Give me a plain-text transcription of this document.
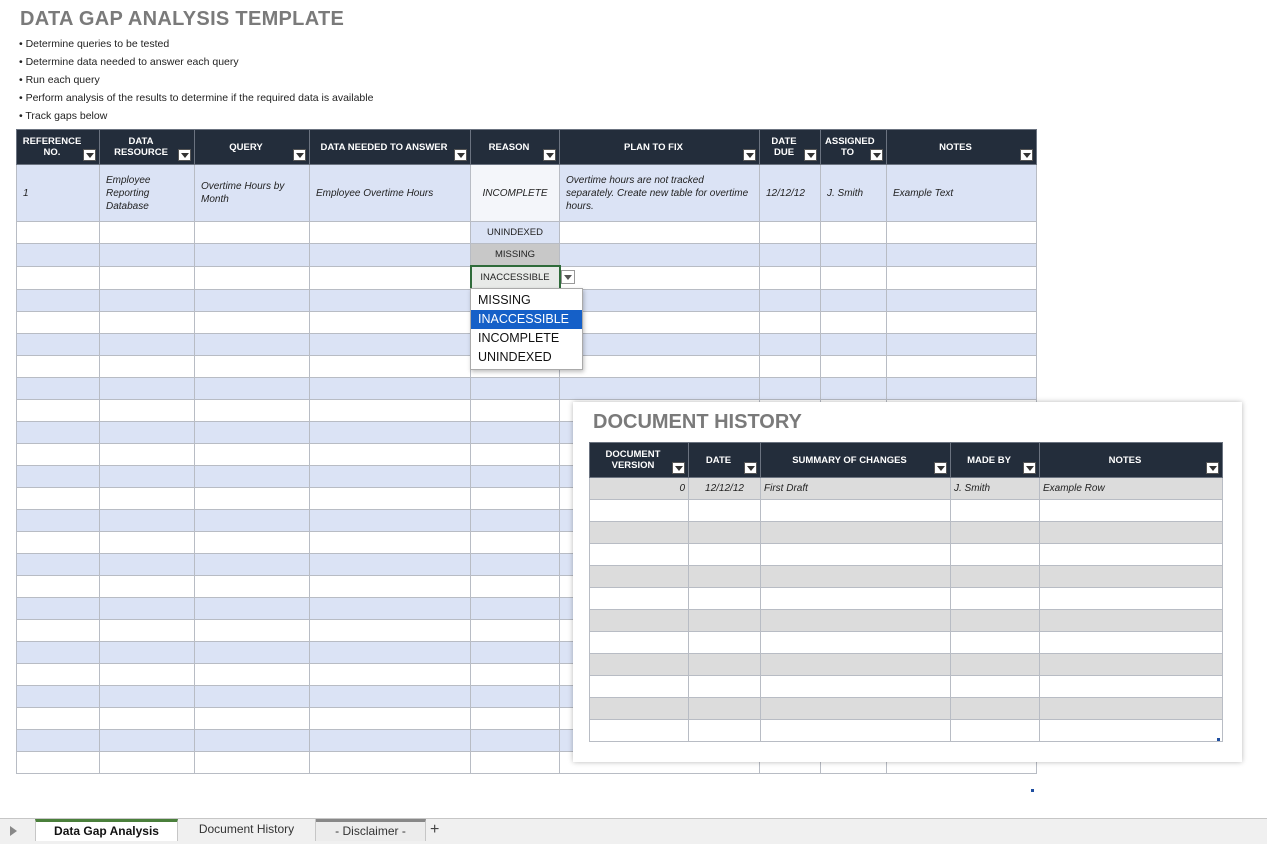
DATA GAP ANALYSIS TEMPLATE
• Determine queries to be tested
• Determine data needed to answer each query
• Run each query
• Perform analysis of the results to determine if the required data is available
• Track gaps below
REFERENCE NO.	DATA RESOURCE	QUERY	DATA NEEDED TO ANSWER	REASON	PLAN TO FIX	DATE DUE	ASSIGNED TO	NOTES

1	Employee Reporting Database	Overtime Hours by Month	Employee Overtime Hours	INCOMPLETE	Overtime hours are not tracked separately. Create new table for overtime hours.	12/12/12	J. Smith	Example Text
				UNINDEXED				
				MISSING				
				INACCESSIBLE				

MISSING
INACCESSIBLE
INCOMPLETE
UNINDEXED
DOCUMENT HISTORY
DOCUMENT VERSION	DATE	SUMMARY OF CHANGES	MADE BY	NOTES

0	12/12/12	First Draft	J. Smith	Example Row

Data Gap Analysis	Document History	- Disclaimer -	+
